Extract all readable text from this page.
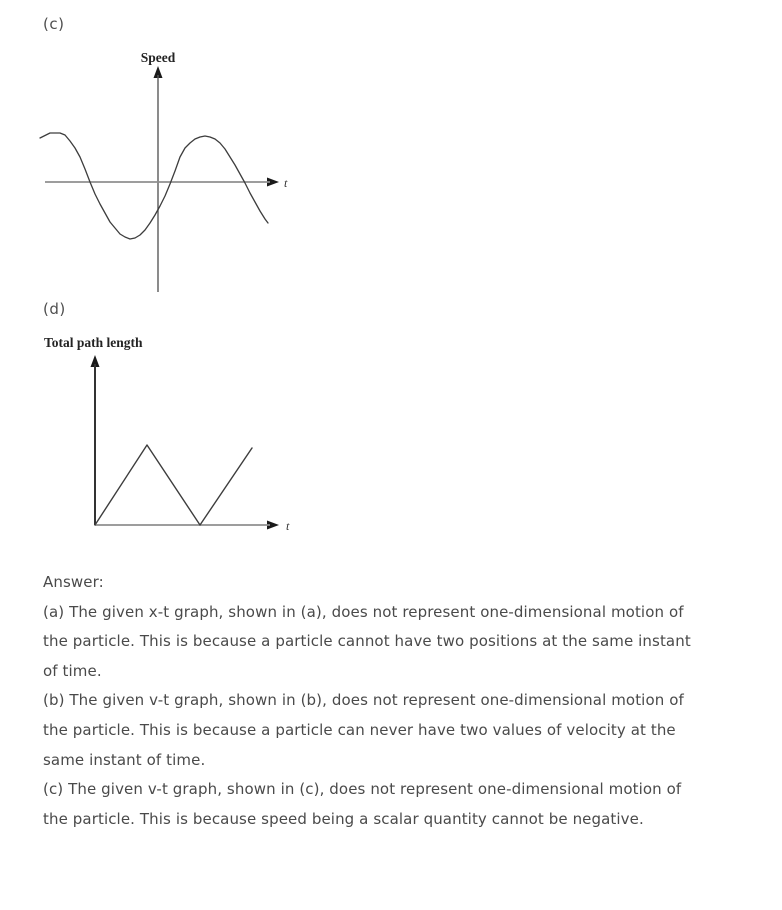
(c)
Speed
t
(d)
Total path length
t
Answer:
(a) The given x-t graph, shown in (a), does not represent one-dimensional motion of
the particle. This is because a particle cannot have two positions at the same instant
of time.
(b) The given v-t graph, shown in (b), does not represent one-dimensional motion of
the particle. This is because a particle can never have two values of velocity at the
same instant of time.
(c) The given v-t graph, shown in (c), does not represent one-dimensional motion of
the particle. This is because speed being a scalar quantity cannot be negative.
